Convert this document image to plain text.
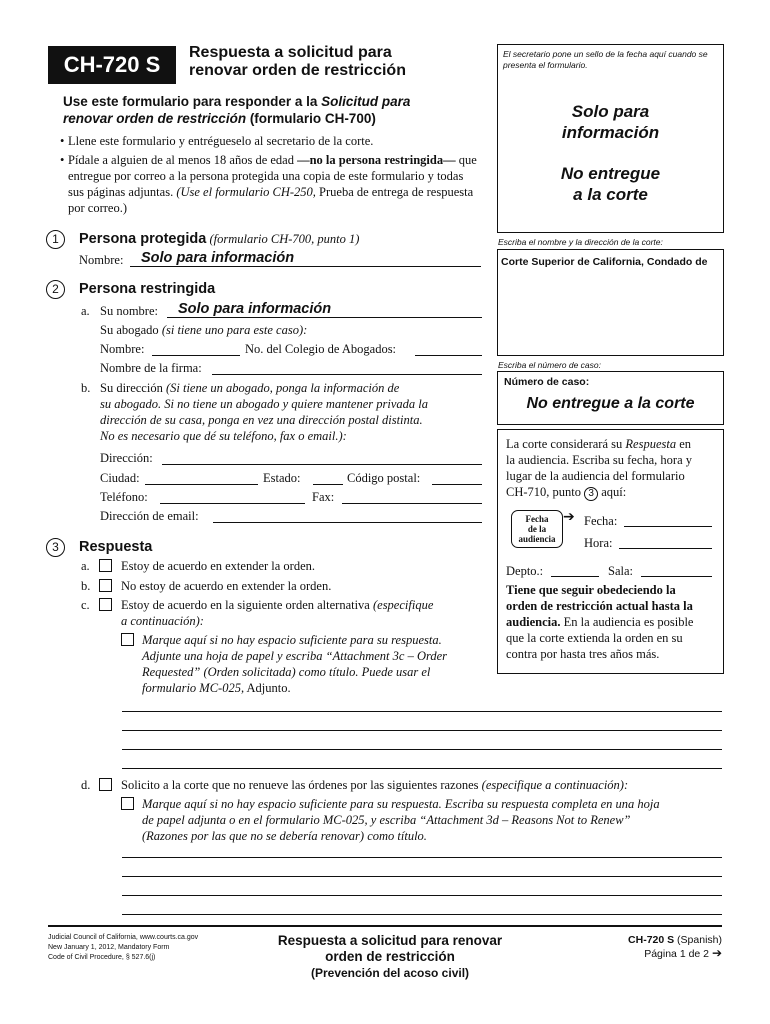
CH-720 S	Respuesta a solicitud para
renovar orden de restricción
El secretario pone un sello de la fecha aquí cuando se presenta el formulario.
Solo para
información
No entregue
a la corte
Use este formulario para responder a la Solicitud para
renovar orden de restricción (formulario CH-700)
• Llene este formulario y entrégueselo al secretario de la corte.
• Pídale a alguien de al menos 18 años de edad —no la persona restringida— que entregue por correo a la persona protegida una copia de este formulario y todas sus páginas adjuntas. (Use el formulario CH-250, Prueba de entrega de respuesta por correo.)
1	Persona protegida (formulario CH-700, punto 1)
Nombre: Solo para información
Escriba el nombre y la dirección de la corte:
Corte Superior de California, Condado de
Escriba el número de caso:
Número de caso:
No entregue a la corte
2	Persona restringida
a. Su nombre: Solo para información
Su abogado (si tiene uno para este caso):
Nombre:	No. del Colegio de Abogados:
Nombre de la firma:
b. Su dirección (Si tiene un abogado, ponga la información de
su abogado. Si no tiene un abogado y quiere mantener privada la
dirección de su casa, ponga en vez una dirección postal distinta.
No es necesario que dé su teléfono, fax o email.):
Dirección:
Ciudad:	Estado:	Código postal:
Teléfono:	Fax:
Dirección de email:
La corte considerará su Respuesta en
la audiencia. Escriba su fecha, hora y
lugar de la audiencia del formulario
CH-710, punto 3 aquí:
Fecha
de la
audiencia
➔ Fecha:
Hora:
Depto.:	Sala:
Tiene que seguir obedeciendo la
orden de restricción actual hasta la
audiencia. En la audiencia es posible
que la corte extienda la orden en su
contra por hasta tres años más.
3	Respuesta
a.	Estoy de acuerdo en extender la orden.
b. No estoy de acuerdo en extender la orden.
c.	Estoy de acuerdo en la siguiente orden alternativa (especifique
a continuación):
Marque aquí si no hay espacio suficiente para su respuesta.
Adjunte una hoja de papel y escriba “Attachment 3c – Order
Requested” (Orden solicitada) como título. Puede usar el
formulario MC-025, Adjunto.
d. Solicito a la corte que no renueve las órdenes por las siguientes razones (especifique a continuación):
Marque aquí si no hay espacio suficiente para su respuesta. Escriba su respuesta completa en una hoja
de papel adjunta o en el formulario MC-025, y escriba “Attachment 3d – Reasons Not to Renew”
(Razones por las que no se debería renovar) como título.
Judicial Council of California, www.courts.ca.gov
New January 1, 2012, Mandatory Form
Code of Civil Procedure, § 527.6(j)
Respuesta a solicitud para renovar
orden de restricción
(Prevención del acoso civil)
CH-720 S (Spanish)
Página 1 de 2 ➔
